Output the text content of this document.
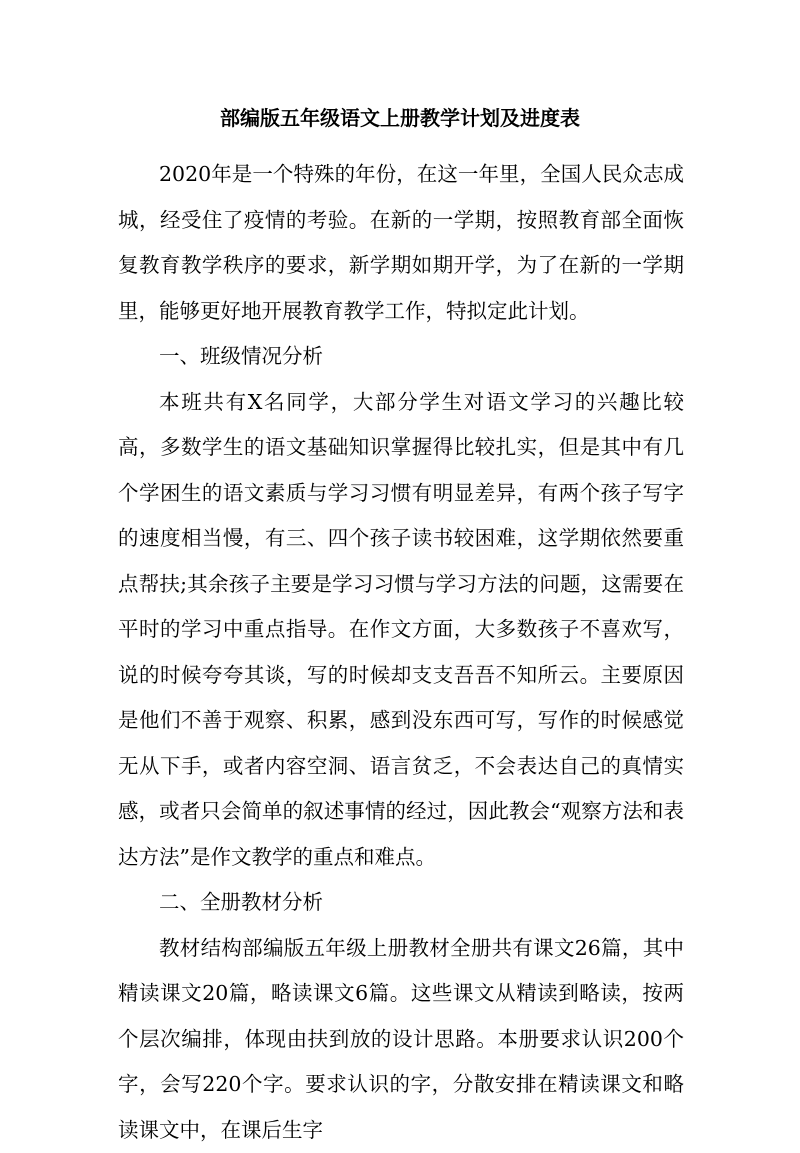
部编版五年级语文上册教学计划及进度表

2020年是一个特殊的年份，在这一年里，全国人民众志成城，经受住了疫情的考验。在新的一学期，按照教育部全面恢复教育教学秩序的要求，新学期如期开学，为了在新的一学期里，能够更好地开展教育教学工作，特拟定此计划。

一、班级情况分析

本班共有X名同学，大部分学生对语文学习的兴趣比较高，多数学生的语文基础知识掌握得比较扎实，但是其中有几个学困生的语文素质与学习习惯有明显差异，有两个孩子写字的速度相当慢，有三、四个孩子读书较困难，这学期依然要重点帮扶;其余孩子主要是学习习惯与学习方法的问题，这需要在平时的学习中重点指导。在作文方面，大多数孩子不喜欢写，说的时候夸夸其谈，写的时候却支支吾吾不知所云。主要原因是他们不善于观察、积累，感到没东西可写，写作的时候感觉无从下手，或者内容空洞、语言贫乏，不会表达自己的真情实感，或者只会简单的叙述事情的经过，因此教会“观察方法和表达方法”是作文教学的重点和难点。

二、全册教材分析

教材结构部编版五年级上册教材全册共有课文26篇，其中精读课文20篇，略读课文6篇。这些课文从精读到略读，按两个层次编排，体现由扶到放的设计思路。本册要求认识200个字，会写220个字。要求认识的字，分散安排在精读课文和略读课文中，在课后生字
